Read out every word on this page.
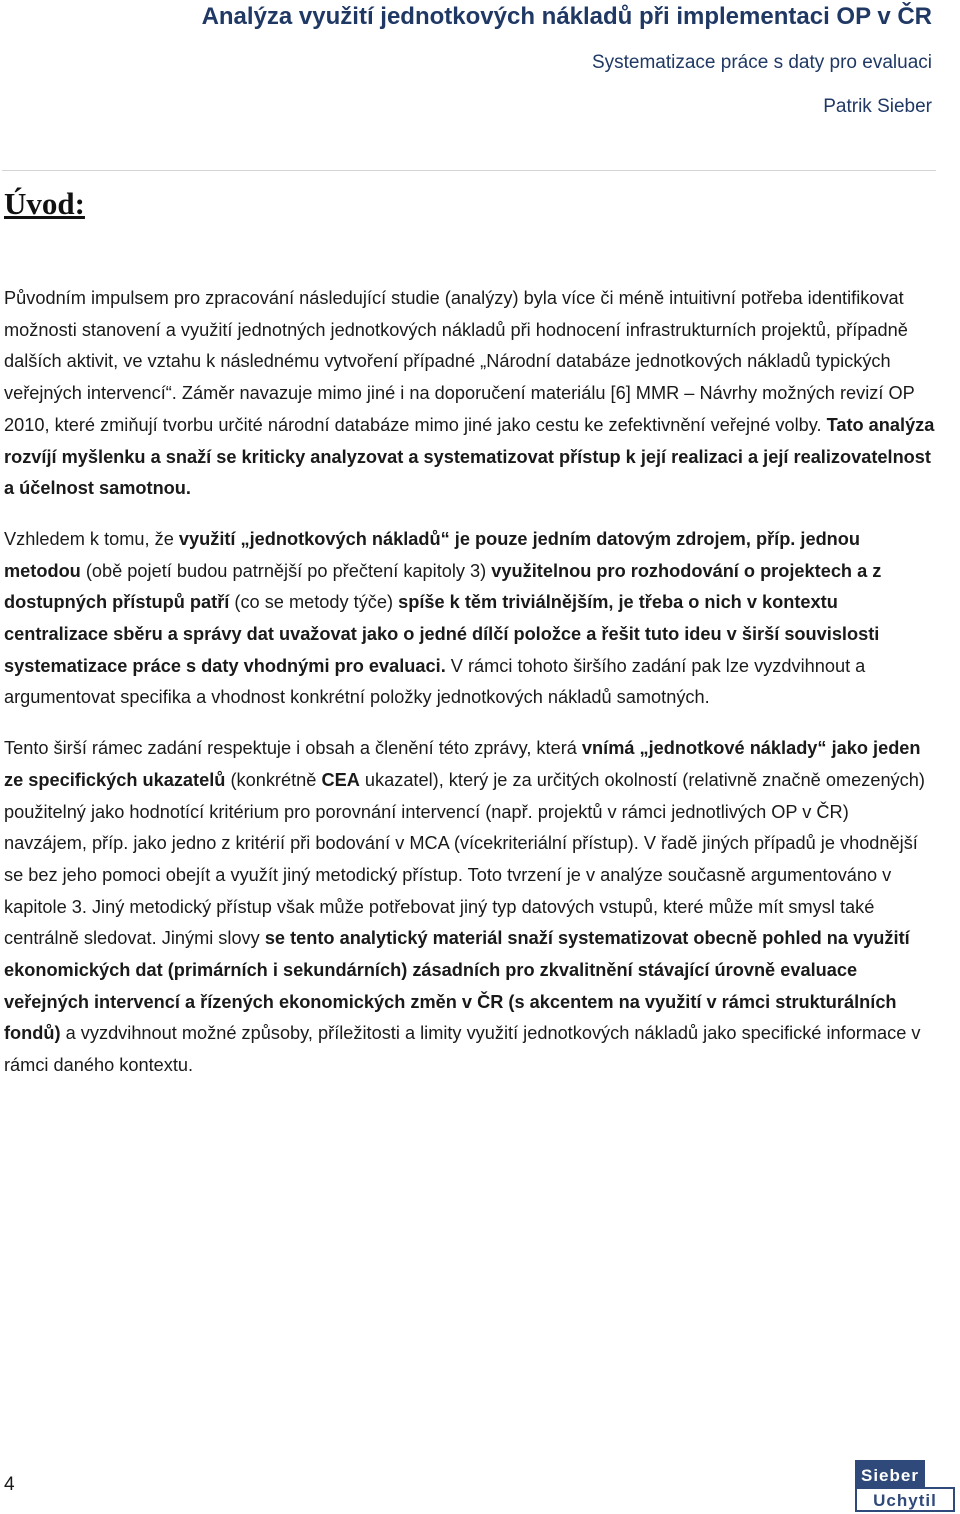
Analýza využití jednotkových nákladů při implementaci OP v ČR
Systematizace práce s daty pro evaluaci
Patrik Sieber
Úvod:

Původním impulsem pro zpracování následující studie (analýzy) byla více či méně intuitivní potřeba identifikovat možnosti stanovení a využití jednotných jednotkových nákladů při hodnocení infrastrukturních projektů, případně dalších aktivit, ve vztahu k následnému vytvoření případné „Národní databáze jednotkových nákladů typických veřejných intervencí“. Záměr navazuje mimo jiné i na doporučení materiálu [6] MMR – Návrhy možných revizí OP 2010, které zmiňují tvorbu určité národní databáze mimo jiné jako cestu ke zefektivnění veřejné volby. Tato analýza rozvíjí myšlenku a snaží se kriticky analyzovat a systematizovat přístup k její realizaci a její realizovatelnost a účelnost samotnou.

Vzhledem k tomu, že využití „jednotkových nákladů“ je pouze jedním datovým zdrojem, příp. jednou metodou (obě pojetí budou patrnější po přečtení kapitoly 3) využitelnou pro rozhodování o projektech a z dostupných přístupů patří (co se metody týče) spíše k těm triviálnějším, je třeba o nich v kontextu centralizace sběru a správy dat uvažovat jako o jedné dílčí položce a řešit tuto ideu v širší souvislosti systematizace práce s daty vhodnými pro evaluaci. V rámci tohoto širšího zadání pak lze vyzdvihnout a argumentovat specifika a vhodnost konkrétní položky jednotkových nákladů samotných.

Tento širší rámec zadání respektuje i obsah a členění této zprávy, která vnímá „jednotkové náklady“ jako jeden ze specifických ukazatelů (konkrétně CEA ukazatel), který je za určitých okolností (relativně značně omezených) použitelný jako hodnotící kritérium pro porovnání intervencí (např. projektů v rámci jednotlivých OP v ČR) navzájem, příp. jako jedno z kritérií při bodování v MCA (vícekriteriální přístup). V řadě jiných případů je vhodnější se bez jeho pomoci obejít a využít jiný metodický přístup. Toto tvrzení je v analýze současně argumentováno v kapitole 3. Jiný metodický přístup však může potřebovat jiný typ datových vstupů, které může mít smysl také centrálně sledovat. Jinými slovy se tento analytický materiál snaží systematizovat obecně pohled na využití ekonomických dat (primárních i sekundárních) zásadních pro zkvalitnění stávající úrovně evaluace veřejných intervencí a řízených ekonomických změn v ČR (s akcentem na využití v rámci strukturálních fondů) a vyzdvihnout možné způsoby, příležitosti a limity využití jednotkových nákladů jako specifické informace v rámci daného kontextu.

4	Sieber
Uchytil
